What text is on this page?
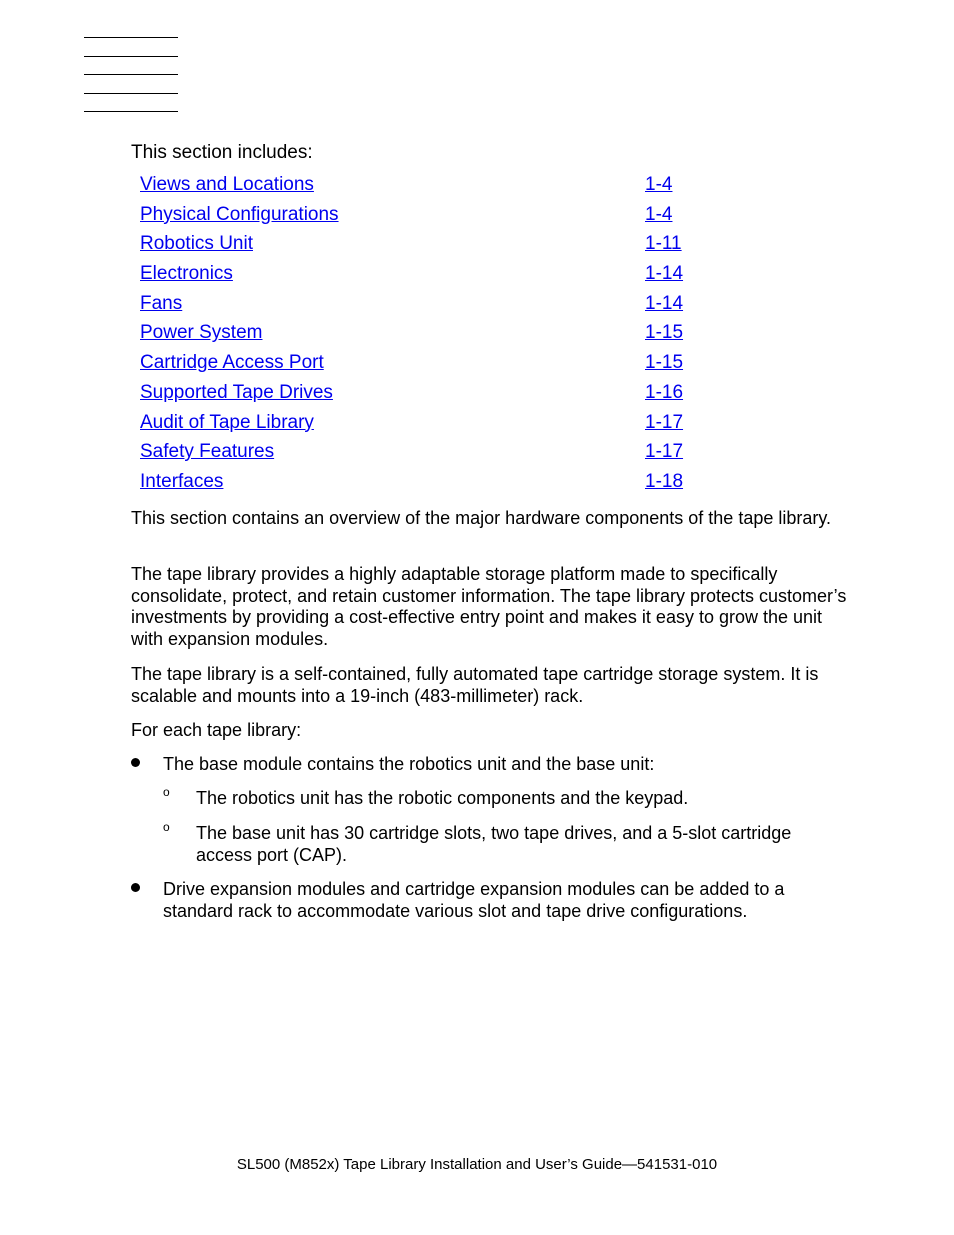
This section includes:

Views and Locations	1-4
Physical Configurations	1-4
Robotics Unit	1-11
Electronics	1-14
Fans	1-14
Power System	1-15
Cartridge Access Port	1-15
Supported Tape Drives	1-16
Audit of Tape Library	1-17
Safety Features	1-17
Interfaces	1-18

This section contains an overview of the major hardware components of the tape library.

The tape library provides a highly adaptable storage platform made to specifically consolidate, protect, and retain customer information. The tape library protects customer’s investments by providing a cost-effective entry point and makes it easy to grow the unit with expansion modules.

The tape library is a self-contained, fully automated tape cartridge storage system. It is scalable and mounts into a 19-inch (483-millimeter) rack.

For each tape library:

The base module contains the robotics unit and the base unit:

o The robotics unit has the robotic components and the keypad.

o The base unit has 30 cartridge slots, two tape drives, and a 5-slot cartridge access port (CAP).

Drive expansion modules and cartridge expansion modules can be added to a standard rack to accommodate various slot and tape drive configurations.

SL500 (M852x) Tape Library Installation and User’s Guide—541531-010
